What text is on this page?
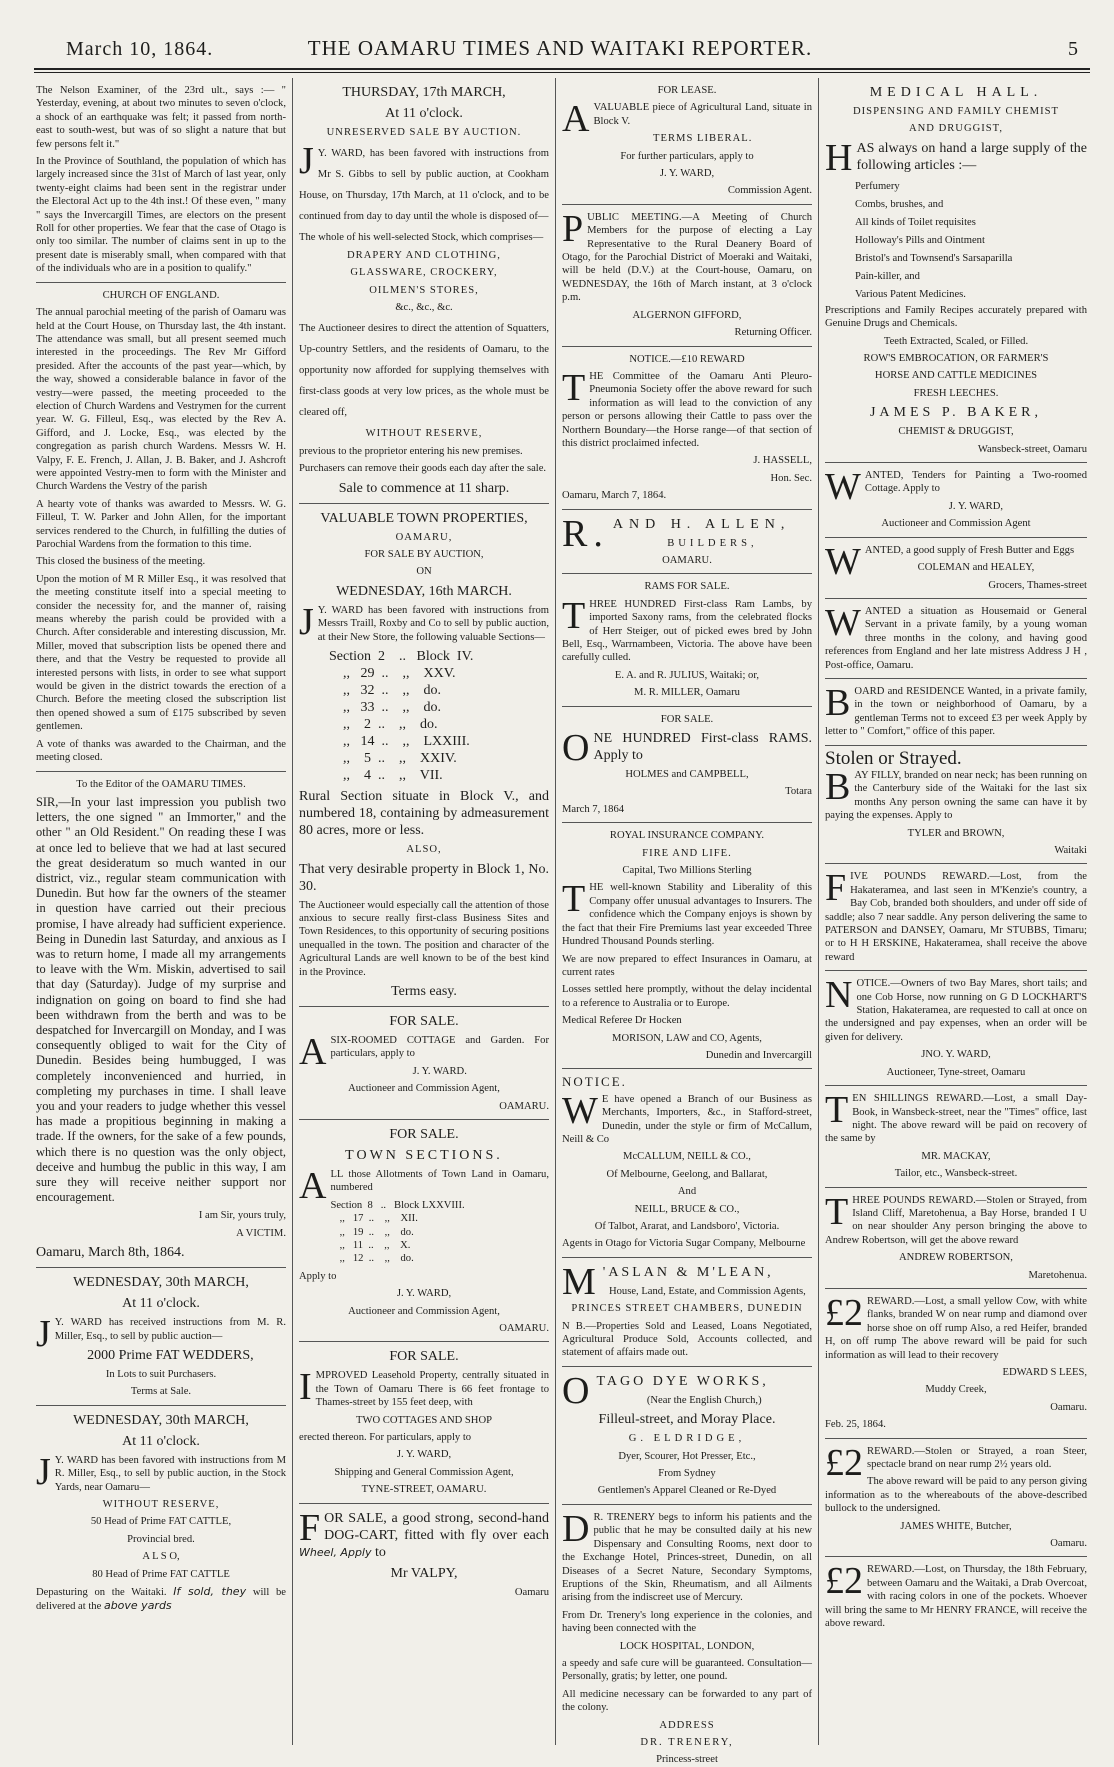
March 10, 1864.	THE OAMARU TIMES AND WAITAKI REPORTER.	5

The Nelson Examiner, of the 23rd ult., says :— " Yesterday, evening, at about two minutes to seven o'clock, a shock of an earthquake was felt; it passed from north-east to south-west, but was of so slight a nature that but few persons felt it."

In the Province of Southland, the population of which has largely increased since the 31st of March of last year, only twenty-eight claims had been sent in the registrar under the Electoral Act up to the 4th inst.! Of these even, " many " says the Invercargill Times, are electors on the present Roll for other properties. We fear that the case of Otago is only too similar. The number of claims sent in up to the present date is miserably small, when compared with that of the individuals who are in a position to qualify."

CHURCH OF ENGLAND.

The annual parochial meeting of the parish of Oamaru was held at the Court House, on Thursday last, the 4th instant. The attendance was small, but all present seemed much interested in the proceedings. The Rev Mr Gifford presided. After the accounts of the past year—which, by the way, showed a considerable balance in favor of the vestry—were passed, the meeting proceeded to the election of Church Wardens and Vestrymen for the current year. W. G. Filleul, Esq., was elected by the Rev A. Gifford, and J. Locke, Esq., was elected by the congregation as parish church Wardens. Messrs W. H. Valpy, F. E. French, J. Allan, J. B. Baker, and J. Ashcroft were appointed Vestry-men to form with the Minister and Church Wardens the Vestry of the parish

A hearty vote of thanks was awarded to Messrs. W. G. Filleul, T. W. Parker and John Allen, for the important services rendered to the Church, in fulfilling the duties of Parochial Wardens from the formation to this time.

This closed the business of the meeting.

Upon the motion of M R Miller Esq., it was resolved that the meeting constitute itself into a special meeting to consider the necessity for, and the manner of, raising means whereby the parish could be provided with a Church. After considerable and interesting discussion, Mr. Miller, moved that subscription lists be opened there and there, and that the Vestry be requested to provide all interested persons with lists, in order to see what support would be given in the district towards the erection of a Church. Before the meeting closed the subscription list then opened showed a sum of £175 subscribed by seven gentlemen.

A vote of thanks was awarded to the Chairman, and the meeting closed.

To the Editor of the OAMARU TIMES.

SIR,—In your last impression you publish two letters, the one signed " an Immorter," and the other " an Old Resident." On reading these I was at once led to believe that we had at last secured the great desideratum so much wanted in our district, viz., regular steam communication with Dunedin. But how far the owners of the steamer in question have carried out their precious promise, I have already had sufficient experience. Being in Dunedin last Saturday, and anxious as I was to return home, I made all my arrangements to leave with the Wm. Miskin, advertised to sail that day (Saturday). Judge of my surprise and indignation on going on board to find she had been withdrawn from the berth and was to be despatched for Invercargill on Monday, and I was consequently obliged to wait for the City of Dunedin. Besides being humbugged, I was completely inconvenienced and hurried, in completing my purchases in time. I shall leave you and your readers to judge whether this vessel has made a propitious beginning in making a trade. If the owners, for the sake of a few pounds, which there is no question was the only object, deceive and humbug the public in this way, I am sure they will receive neither support nor encouragement.

I am Sir, yours truly,

A VICTIM.

Oamaru, March 8th, 1864.

WEDNESDAY, 30th MARCH,

At 11 o'clock.

J Y. WARD has received instructions from M. R. Miller, Esq., to sell by public auction—

2000 Prime FAT WEDDERS,

In Lots to suit Purchasers.

Terms at Sale.

WEDNESDAY, 30th MARCH,

At 11 o'clock.

J Y. WARD has been favored with instructions from M R. Miller, Esq., to sell by public auction, in the Stock Yards, near Oamaru—

WITHOUT RESERVE,

50 Head of Prime FAT CATTLE,

Provincial bred.

A L S O,

80 Head of Prime FAT CATTLE

Depasturing on the Waitaki. If sold, they will be delivered at the above yards

THURSDAY, 17th MARCH,

At 11 o'clock.

UNRESERVED SALE BY AUCTION.

J Y. WARD, has been favored with instructions from Mr S. Gibbs to sell by public auction, at Cookham House, on Thursday, 17th March, at 11 o'clock, and to be continued from day to day until the whole is disposed of—

The whole of his well-selected Stock, which comprises—

DRAPERY AND CLOTHING,

GLASSWARE, CROCKERY,

OILMEN'S STORES,

&c., &c., &c.

The Auctioneer desires to direct the attention of Squatters, Up-country Settlers, and the residents of Oamaru, to the opportunity now afforded for supplying themselves with first-class goods at very low prices, as the whole must be cleared off,

WITHOUT RESERVE,

previous to the proprietor entering his new premises.

Purchasers can remove their goods each day after the sale.

Sale to commence at 11 sharp.

VALUABLE TOWN PROPERTIES,

OAMARU,

FOR SALE BY AUCTION,

ON

WEDNESDAY, 16th MARCH.

J Y. WARD has been favored with instructions from Messrs Traill, Roxby and Co to sell by public auction, at their New Store, the following valuable Sections—

Section  2    ..   Block  IV.
,,   29  ..    ,,    XXV.
,,   32  ..    ,,    do.
,,   33  ..    ,,    do.
,,    2  ..    ,,    do.
,,   14  ..    ,,    LXXIII.
,,    5  ..    ,,    XXIV.
,,    4  ..    ,,    VII.

Rural Section situate in Block V., and numbered 18, containing by admeasurement 80 acres, more or less.

ALSO,

That very desirable property in Block 1, No. 30.

The Auctioneer would especially call the attention of those anxious to secure really first-class Business Sites and Town Residences, to this opportunity of securing positions unequalled in the town. The position and character of the Agricultural Lands are well known to be of the best kind in the Province.

Terms easy.

FOR SALE.

ASIX-ROOMED COTTAGE and Garden. For particulars, apply to

J. Y. WARD.

Auctioneer and Commission Agent,

OAMARU.

FOR SALE.

TOWN SECTIONS.

ALL those Allotments of Town Land in Oamaru, numbered

Section  8   ..   Block LXXVIII.
,,   17  ..    ,,    XII.
,,   19  ..    ,,    do.
,,   11  ..    ,,    X.
,,   12  ..    ,,    do.

Apply to

J. Y. WARD,

Auctioneer and Commission Agent,

OAMARU.

FOR SALE.

IMPROVED Leasehold Property, centrally situated in the Town of Oamaru There is 66 feet frontage to Thames-street by 155 feet deep, with

TWO COTTAGES AND SHOP

erected thereon. For particulars, apply to

J. Y. WARD,

Shipping and General Commission Agent,

TYNE-STREET, OAMARU.

FOR SALE, a good strong, second-hand DOG-CART, fitted with fly over each Wheel, Apply to

Mr VALPY,

Oamaru

FOR LEASE.

AVALUABLE piece of Agricultural Land, situate in Block V.

TERMS LIBERAL.

For further particulars, apply to

J. Y. WARD,

Commission Agent.

PUBLIC MEETING.—A Meeting of Church Members for the purpose of electing a Lay Representative to the Rural Deanery Board of Otago, for the Parochial District of Moeraki and Waitaki, will be held (D.V.) at the Court-house, Oamaru, on WEDNESDAY, the 16th of March instant, at 3 o'clock p.m.

ALGERNON GIFFORD,

Returning Officer.

NOTICE.—£10 REWARD

THE Committee of the Oamaru Anti Pleuro-Pneumonia Society offer the above reward for such information as will lead to the conviction of any person or persons allowing their Cattle to pass over the Northern Boundary—the Horse range—of that section of this district proclaimed infected.

J. HASSELL,

Hon. Sec.

Oamaru, March 7, 1864.

R. AND H. ALLEN,

BUILDERS,

OAMARU.

RAMS FOR SALE.

THREE HUNDRED First-class Ram Lambs, by imported Saxony rams, from the celebrated flocks of Herr Steiger, out of picked ewes bred by John Bell, Esq., Warrnambeen, Victoria. The above have been carefully culled.

E. A. and R. JULIUS, Waitaki; or,

M. R. MILLER, Oamaru

FOR SALE.

ONE HUNDRED First-class RAMS. Apply to

HOLMES and CAMPBELL,

Totara

March 7, 1864

ROYAL INSURANCE COMPANY.

FIRE AND LIFE.

Capital, Two Millions Sterling

THE well-known Stability and Liberality of this Company offer unusual advantages to Insurers. The confidence which the Company enjoys is shown by the fact that their Fire Premiums last year exceeded Three Hundred Thousand Pounds sterling.

We are now prepared to effect Insurances in Oamaru, at current rates

Losses settled here promptly, without the delay incidental to a reference to Australia or to Europe.

Medical Referee Dr Hocken

MORISON, LAW and CO, Agents,

Dunedin and Invercargill

NOTICE.

W E have opened a Branch of our Business as Merchants, Importers, &c., in Stafford-street, Dunedin, under the style or firm of McCallum, Neill & Co

McCALLUM, NEILL & CO.,

Of Melbourne, Geelong, and Ballarat,

And

NEILL, BRUCE & CO.,

Of Talbot, Ararat, and Landsboro', Victoria.

Agents in Otago for Victoria Sugar Company, Melbourne

M 'ASLAN & M'LEAN,

House, Land, Estate, and Commission Agents,

PRINCES STREET CHAMBERS, DUNEDIN

N B.—Properties Sold and Leased, Loans Negotiated, Agricultural Produce Sold, Accounts collected, and statement of affairs made out.

OTAGO DYE WORKS,

(Near the English Church,)

Filleul-street, and Moray Place.

G. ELDRIDGE,

Dyer, Scourer, Hot Presser, Etc.,

From Sydney

Gentlemen's Apparel Cleaned or Re-Dyed

D R. TRENERY begs to inform his patients and the public that he may be consulted daily at his new Dispensary and Consulting Rooms, next door to the Exchange Hotel, Princes-street, Dunedin, on all Diseases of a Secret Nature, Secondary Symptoms, Eruptions of the Skin, Rheumatism, and all Ailments arising from the indiscreet use of Mercury.

From Dr. Trenery's long experience in the colonies, and having been connected with the

LOCK HOSPITAL, LONDON,

a speedy and safe cure will be guaranteed. Consultation—Personally, gratis; by letter, one pound.

All medicine necessary can be forwarded to any part of the colony.

ADDRESS

DR. TRENERY,

Princess-street

MEDICAL HALL.

DISPENSING AND FAMILY CHEMIST

AND DRUGGIST,

HAS always on hand a large supply of the following articles :—

Perfumery
Combs, brushes, and
All kinds of Toilet requisites
Holloway's Pills and Ointment
Bristol's and Townsend's Sarsaparilla
Pain-killer, and
Various Patent Medicines.

Prescriptions and Family Recipes accurately prepared with Genuine Drugs and Chemicals.

Teeth Extracted, Scaled, or Filled.

ROW'S EMBROCATION, OR FARMER'S

HORSE AND CATTLE MEDICINES

FRESH LEECHES.

JAMES P. BAKER,

CHEMIST & DRUGGIST,

Wansbeck-street, Oamaru

WANTED, Tenders for Painting a Two-roomed Cottage. Apply to

J. Y. WARD,

Auctioneer and Commission Agent

WANTED, a good supply of Fresh Butter and Eggs

COLEMAN and HEALEY,

Grocers, Thames-street

WANTED a situation as Housemaid or General Servant in a private family, by a young woman three months in the colony, and having good references from England and her late mistress Address J H , Post-office, Oamaru.

BOARD and RESIDENCE Wanted, in a private family, in the town or neighborhood of Oamaru, by a gentleman Terms not to exceed £3 per week Apply by letter to " Comfort," office of this paper.

Stolen or Strayed.

BAY FILLY, branded on near neck; has been running on the Canterbury side of the Waitaki for the last six months Any person owning the same can have it by paying the expenses. Apply to

TYLER and BROWN,

Waitaki

FIVE POUNDS REWARD.—Lost, from the Hakateramea, and last seen in M'Kenzie's country, a Bay Cob, branded both shoulders, and under off side of saddle; also 7 near saddle. Any person delivering the same to PATERSON and DANSEY, Oamaru, Mr STUBBS, Timaru; or to H H ERSKINE, Hakateramea, shall receive the above reward

NOTICE.—Owners of two Bay Mares, short tails; and one Cob Horse, now running on G D LOCKHART'S Station, Hakateramea, are requested to call at once on the undersigned and pay expenses, when an order will be given for delivery.

JNO. Y. WARD,

Auctioneer, Tyne-street, Oamaru

TEN SHILLINGS REWARD.—Lost, a small Day-Book, in Wansbeck-street, near the "Times" office, last night. The above reward will be paid on recovery of the same by

MR. MACKAY,

Tailor, etc., Wansbeck-street.

THREE POUNDS REWARD.—Stolen or Strayed, from Island Cliff, Maretohenua, a Bay Horse, branded I U on near shoulder Any person bringing the above to Andrew Robertson, will get the above reward

ANDREW ROBERTSON,

Maretohenua.

£2 REWARD.—Lost, a small yellow Cow, with white flanks, branded W on near rump and diamond over horse shoe on off rump Also, a red Heifer, branded H, on off rump The above reward will be paid for such information as will lead to their recovery

EDWARD S LEES,

Muddy Creek,

Oamaru.

Feb. 25, 1864.

£2 REWARD.—Stolen or Strayed, a roan Steer, spectacle brand on near rump 2½ years old.

The above reward will be paid to any person giving information as to the whereabouts of the above-described bullock to the undersigned.

JAMES WHITE, Butcher,

Oamaru.

£2 REWARD.—Lost, on Thursday, the 18th February, between Oamaru and the Waitaki, a Drab Overcoat, with racing colors in one of the pockets. Whoever will bring the same to Mr HENRY FRANCE, will receive the above reward.
